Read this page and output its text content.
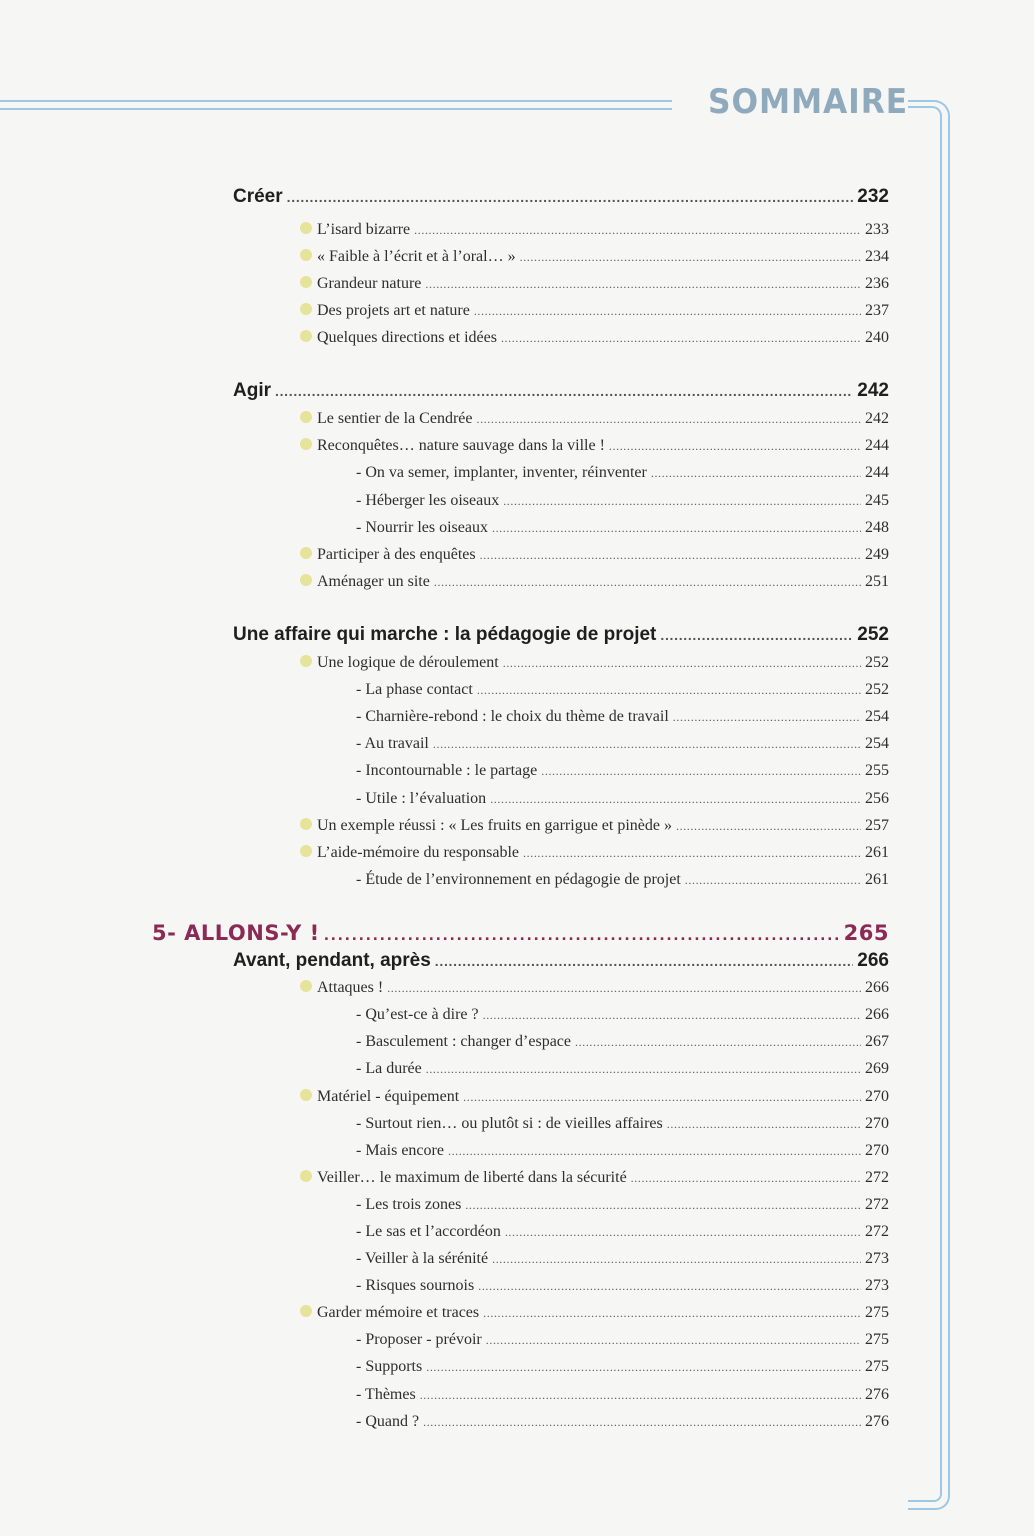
SOMMAIRE
Créer . . .	232
L’isard bizarre . . .	233
« Faible à l’écrit et à l’oral… » . . .	234
Grandeur nature . . .	236
Des projets art et nature . . .	237
Quelques directions et idées . . .	240
Agir . . .	242
Le sentier de la Cendrée . . .	242
Reconquêtes… nature sauvage dans la ville ! . . .	244
- On va semer, implanter, inventer, réinventer . . .	244
- Héberger les oiseaux . . .	245
- Nourrir les oiseaux . . .	248
Participer à des enquêtes . . .	249
Aménager un site . . .	251
Une affaire qui marche : la pédagogie de projet . . .	252
Une logique de déroulement . . .	252
- La phase contact . . .	252
- Charnière-rebond : le choix du thème de travail . . .	254
- Au travail . . .	254
- Incontournable : le partage . . .	255
- Utile : l’évaluation . . .	256
Un exemple réussi : « Les fruits en garrigue et pinède » . . .	257
L’aide-mémoire du responsable . . .	261
- Étude de l’environnement en pédagogie de projet . . .	261
5- ALLONS-Y ! . . .	265
Avant, pendant, après . . .	266
Attaques ! . . .	266
- Qu’est-ce à dire ? . . .	266
- Basculement : changer d’espace . . .	267
- La durée . . .	269
Matériel - équipement . . .	270
- Surtout rien… ou plutôt si : de vieilles affaires . . .	270
- Mais encore . . .	270
Veiller… le maximum de liberté dans la sécurité . . .	272
- Les trois zones . . .	272
- Le sas et l’accordéon . . .	272
- Veiller à la sérénité . . .	273
- Risques sournois . . .	273
Garder mémoire et traces . . .	275
- Proposer - prévoir . . .	275
- Supports . . .	275
- Thèmes . . .	276
- Quand ? . . .	276
